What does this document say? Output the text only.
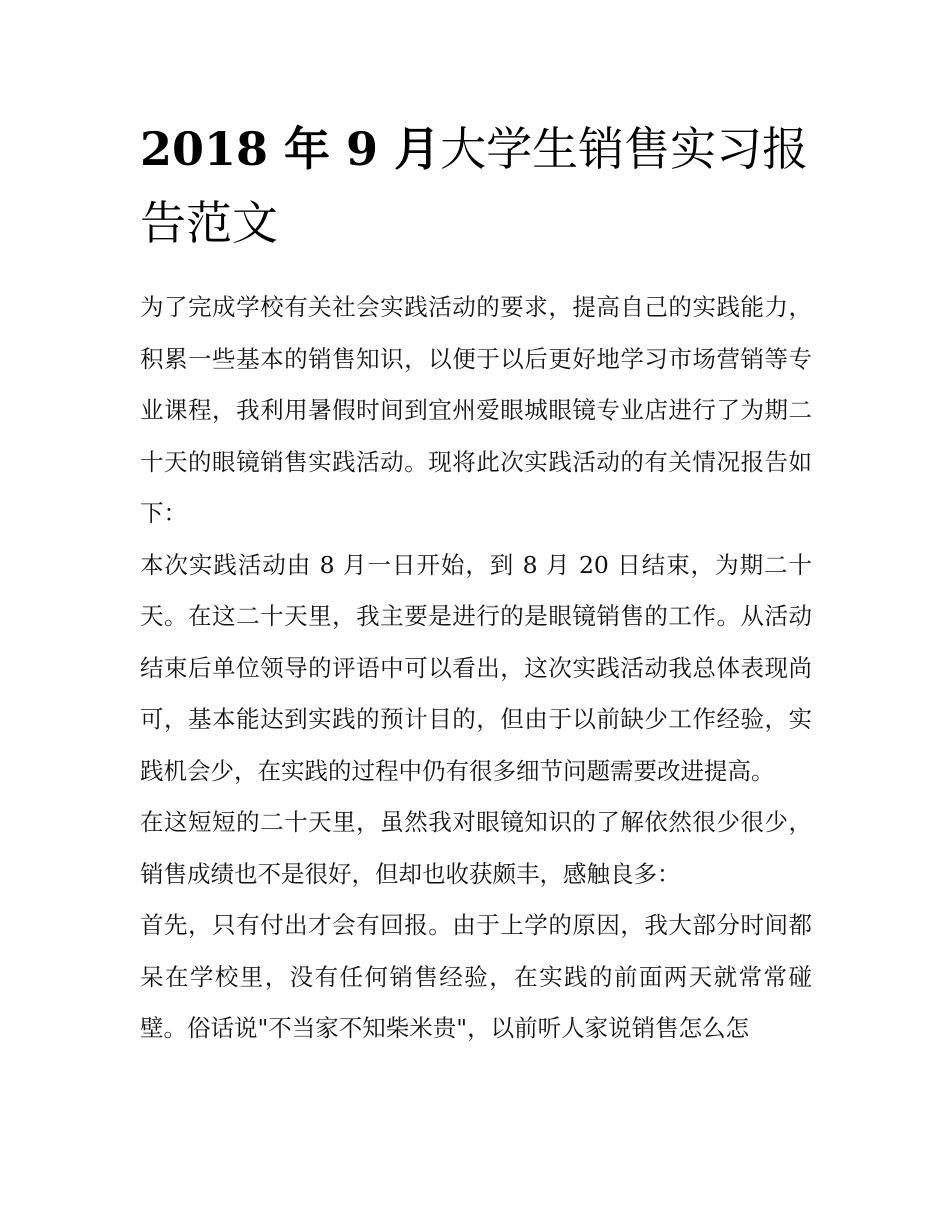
2018 年 9 月大学生销售实习报告范文

为了完成学校有关社会实践活动的要求，提高自己的实践能力，积累一些基本的销售知识，以便于以后更好地学习市场营销等专业课程，我利用暑假时间到宜州爱眼城眼镜专业店进行了为期二十天的眼镜销售实践活动。现将此次实践活动的有关情况报告如下：

本次实践活动由 8 月一日开始，到 8 月 20 日结束，为期二十天。在这二十天里，我主要是进行的是眼镜销售的工作。从活动结束后单位领导的评语中可以看出，这次实践活动我总体表现尚可，基本能达到实践的预计目的，但由于以前缺少工作经验，实践机会少，在实践的过程中仍有很多细节问题需要改进提高。

在这短短的二十天里，虽然我对眼镜知识的了解依然很少很少，销售成绩也不是很好，但却也收获颇丰，感触良多：

首先，只有付出才会有回报。由于上学的原因，我大部分时间都呆在学校里，没有任何销售经验，在实践的前面两天就常常碰壁。俗话说"不当家不知柴米贵"，以前听人家说销售怎么怎
